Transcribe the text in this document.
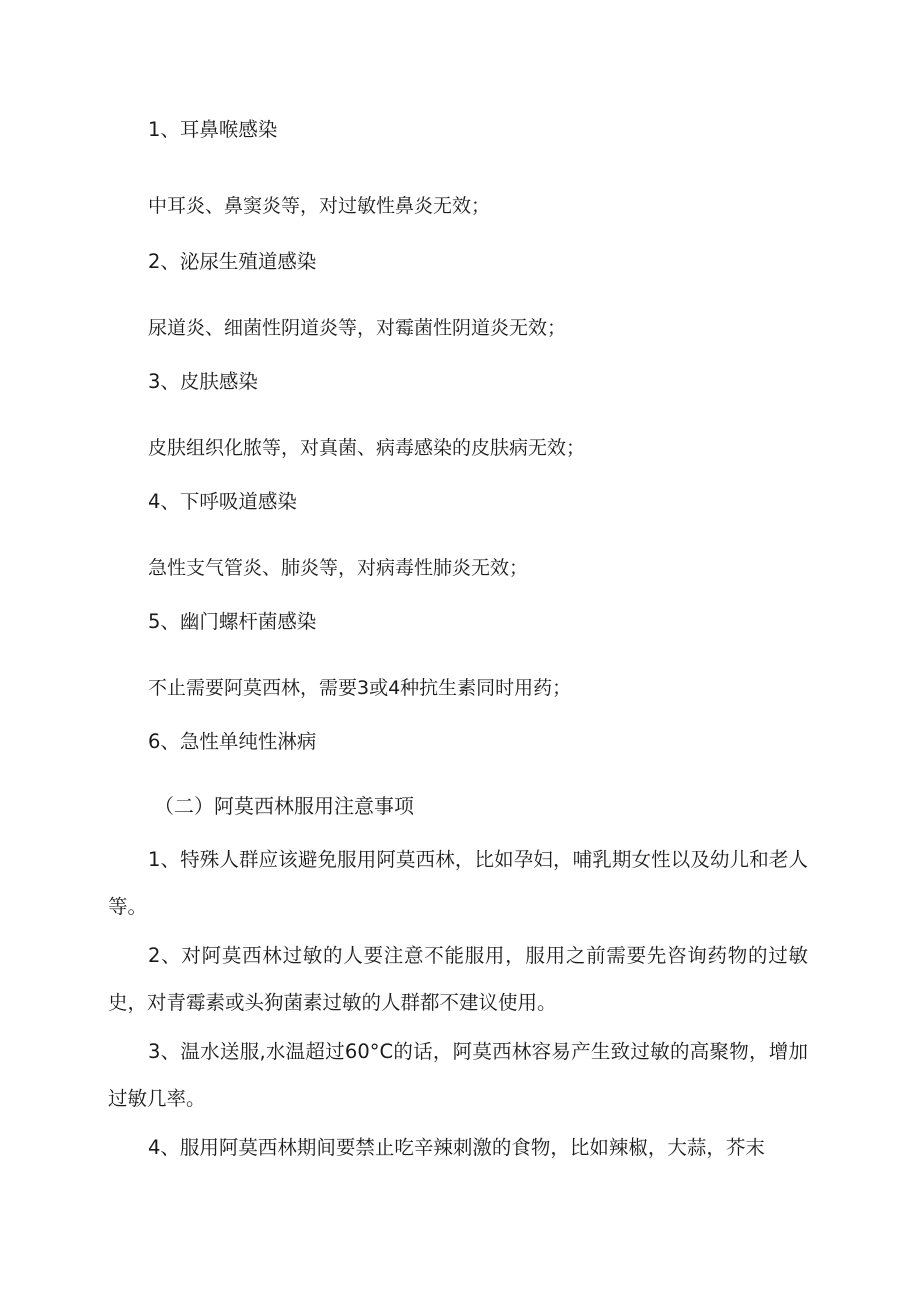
1、耳鼻喉感染
中耳炎、鼻窦炎等，对过敏性鼻炎无效；
2、泌尿生殖道感染
尿道炎、细菌性阴道炎等，对霉菌性阴道炎无效；
3、皮肤感染
皮肤组织化脓等，对真菌、病毒感染的皮肤病无效；
4、下呼吸道感染
急性支气管炎、肺炎等，对病毒性肺炎无效；
5、幽门螺杆菌感染
不止需要阿莫西林，需要3或4种抗生素同时用药；
6、急性单纯性淋病
（二）阿莫西林服用注意事项
1、特殊人群应该避免服用阿莫西林，比如孕妇，哺乳期女性以及幼儿和老人等。
2、对阿莫西林过敏的人要注意不能服用，服用之前需要先咨询药物的过敏史，对青霉素或头狗菌素过敏的人群都不建议使用。
3、温水送服,水温超过60°C的话，阿莫西林容易产生致过敏的高聚物，增加过敏几率。
4、服用阿莫西林期间要禁止吃辛辣刺激的食物，比如辣椒，大蒜，芥末
